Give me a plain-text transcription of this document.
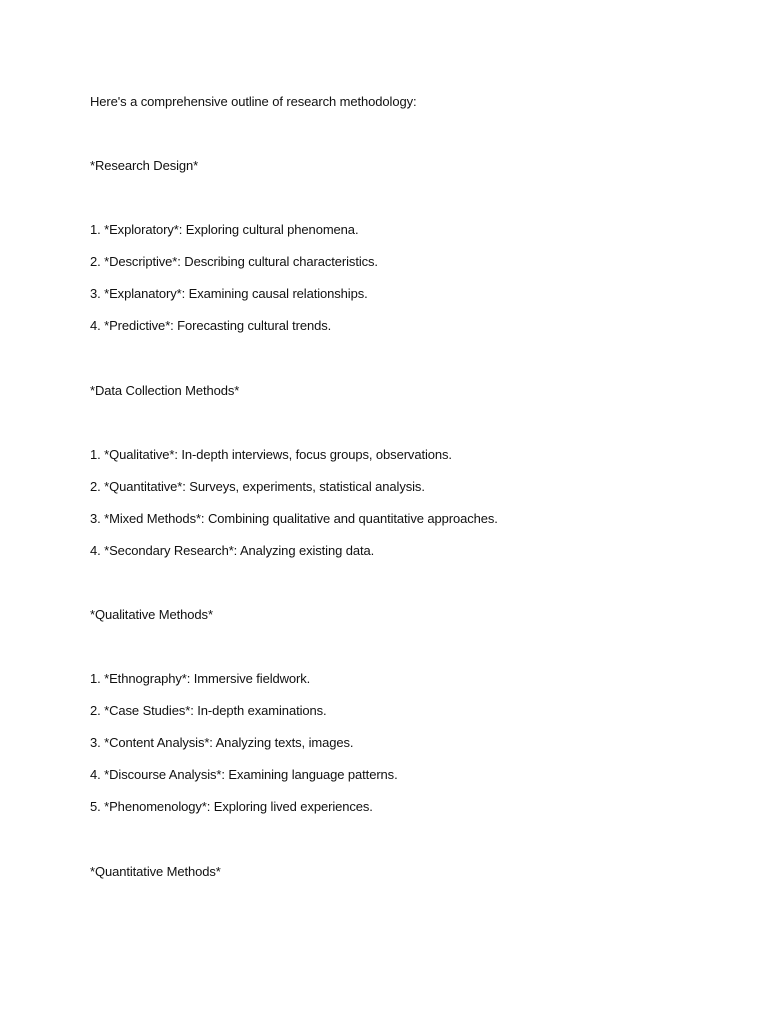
Here's a comprehensive outline of research methodology:
*Research Design*
1. *Exploratory*: Exploring cultural phenomena.
2. *Descriptive*: Describing cultural characteristics.
3. *Explanatory*: Examining causal relationships.
4. *Predictive*: Forecasting cultural trends.
*Data Collection Methods*
1. *Qualitative*: In-depth interviews, focus groups, observations.
2. *Quantitative*: Surveys, experiments, statistical analysis.
3. *Mixed Methods*: Combining qualitative and quantitative approaches.
4. *Secondary Research*: Analyzing existing data.
*Qualitative Methods*
1. *Ethnography*: Immersive fieldwork.
2. *Case Studies*: In-depth examinations.
3. *Content Analysis*: Analyzing texts, images.
4. *Discourse Analysis*: Examining language patterns.
5. *Phenomenology*: Exploring lived experiences.
*Quantitative Methods*
